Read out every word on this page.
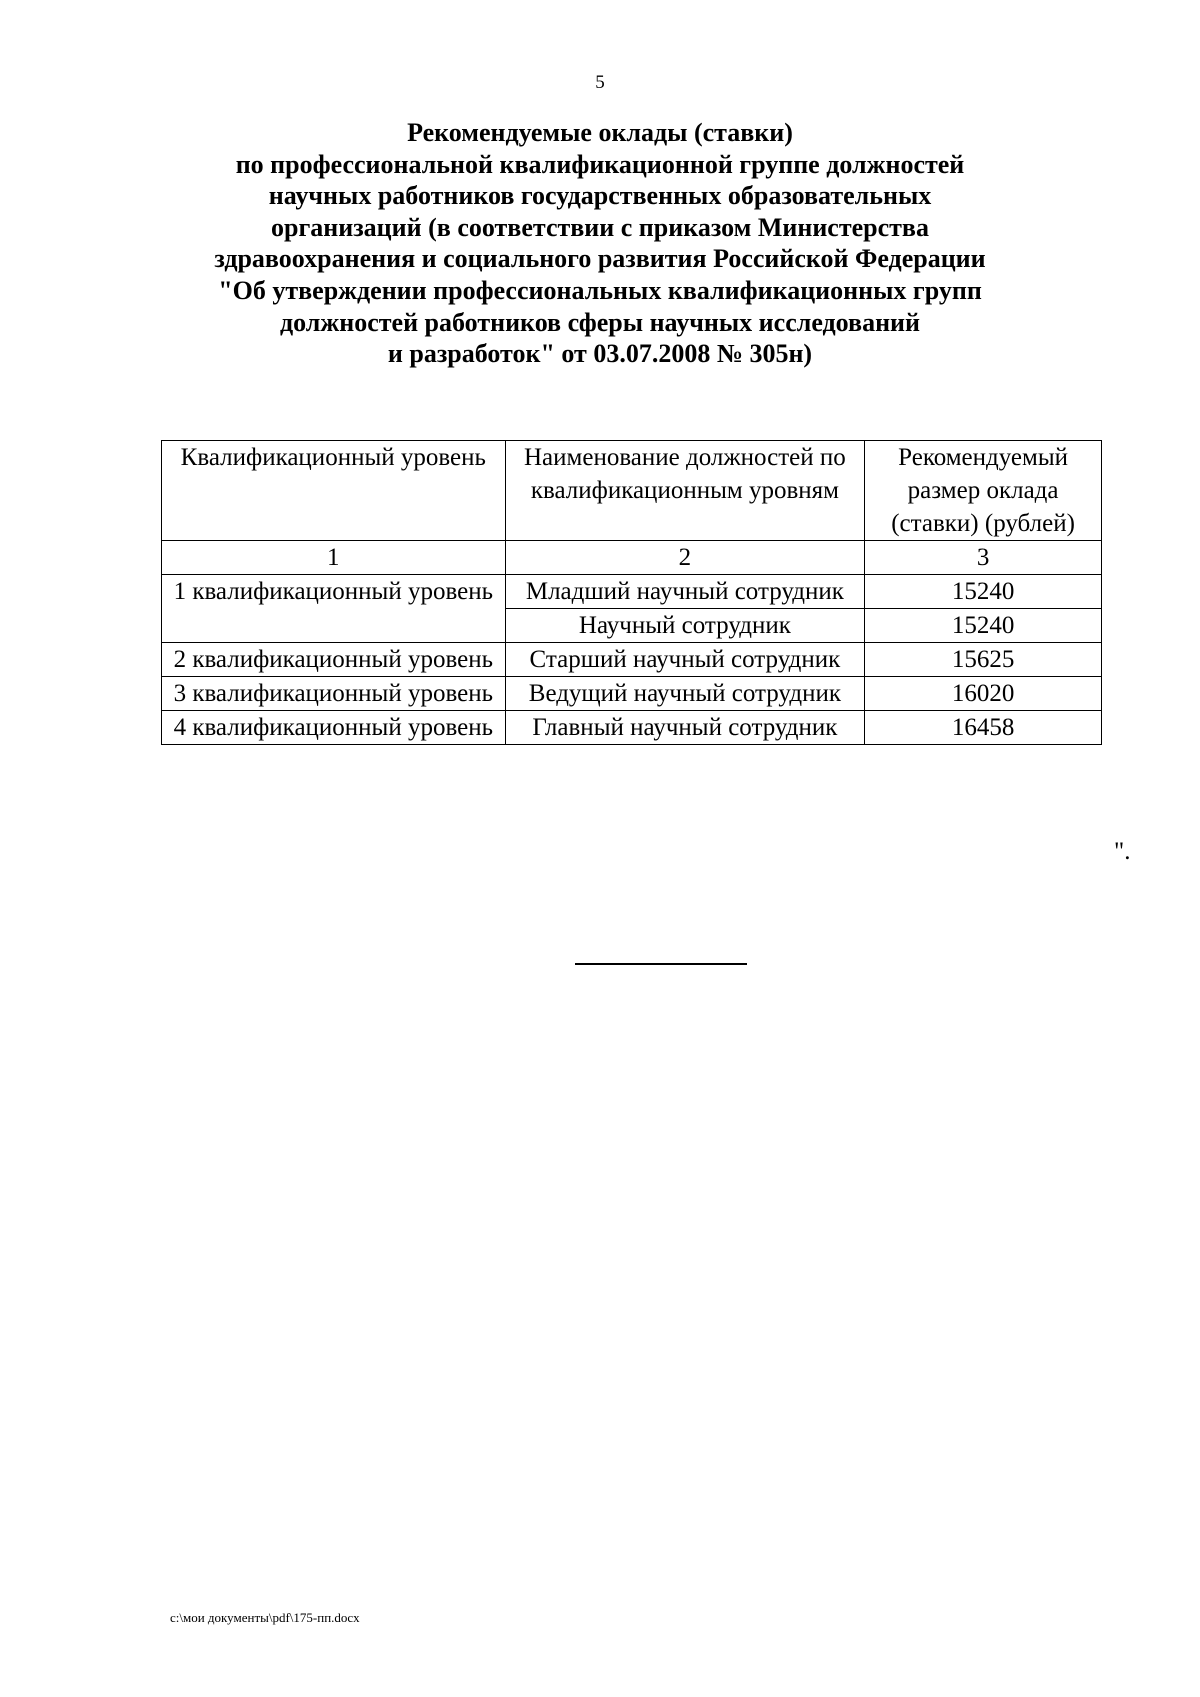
5
Рекомендуемые оклады (ставки)
по профессиональной квалификационной группе должностей
научных работников государственных образовательных
организаций (в соответствии с приказом Министерства
здравоохранения и социального развития Российской Федерации
"Об утверждении профессиональных квалификационных групп
должностей работников сферы научных исследований
и разработок" от 03.07.2008 № 305н)
Квалификационный уровень	Наименование должностей по квалификационным уровням	Рекомендуемый размер оклада (ставки) (рублей)
1	2	3
1 квалификационный уровень	Младший научный сотрудник	15240
	Научный сотрудник	15240
2 квалификационный уровень	Старший научный сотрудник	15625
3 квалификационный уровень	Ведущий научный сотрудник	16020
4 квалификационный уровень	Главный научный сотрудник	16458
".
c:\мои документы\pdf\175-пп.docx
